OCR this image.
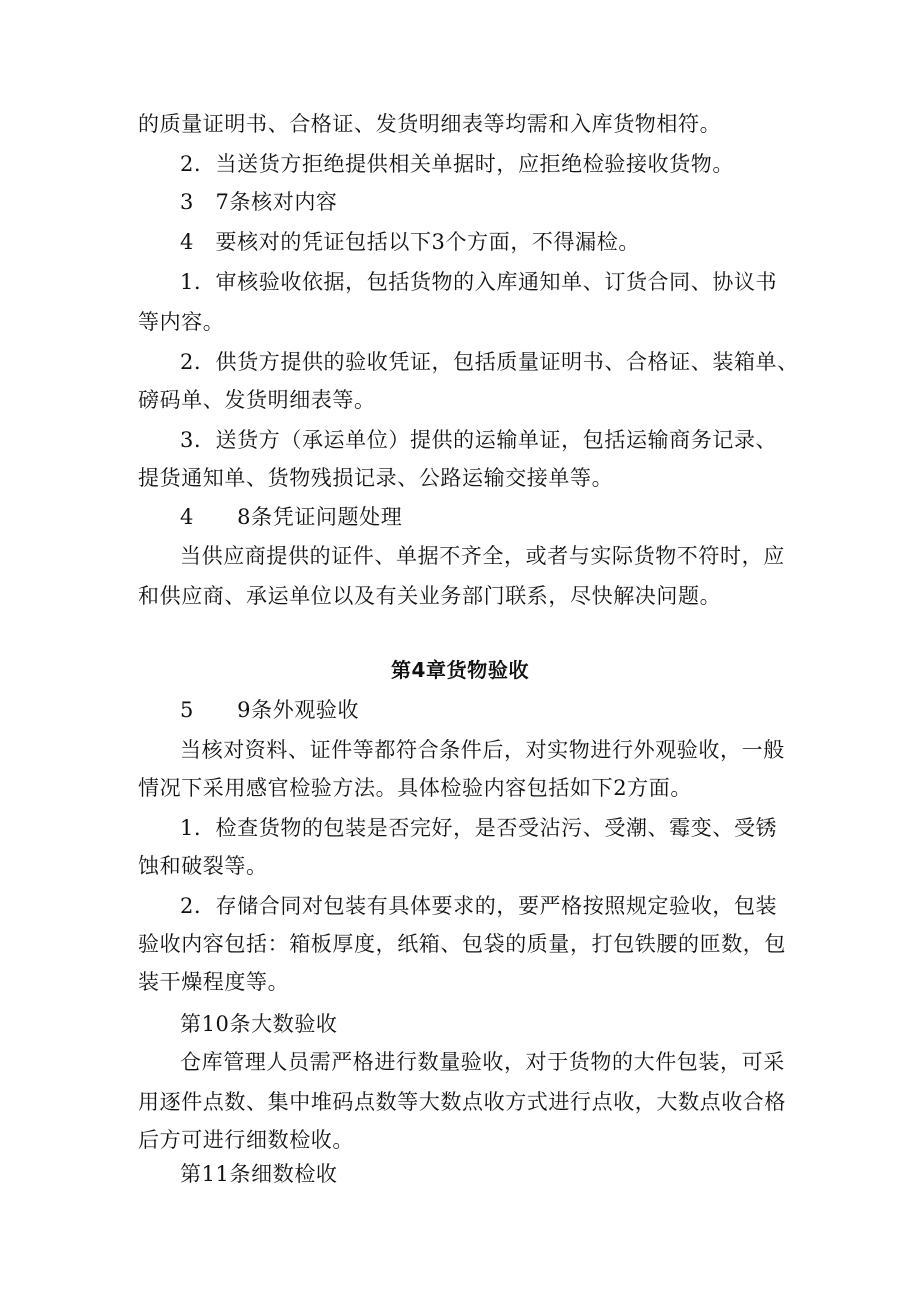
的质量证明书、合格证、发货明细表等均需和入库货物相符。
2．当送货方拒绝提供相关单据时，应拒绝检验接收货物。
3　7条核对内容
4　要核对的凭证包括以下3个方面，不得漏检。
1．审核验收依据，包括货物的入库通知单、订货合同、协议书
等内容。
2．供货方提供的验收凭证，包括质量证明书、合格证、装箱单、
磅码单、发货明细表等。
3．送货方（承运单位）提供的运输单证，包括运输商务记录、
提货通知单、货物残损记录、公路运输交接单等。
4　　8条凭证问题处理
当供应商提供的证件、单据不齐全，或者与实际货物不符时，应
和供应商、承运单位以及有关业务部门联系，尽快解决问题。
第4章货物验收
5　　9条外观验收
当核对资料、证件等都符合条件后，对实物进行外观验收，一般
情况下采用感官检验方法。具体检验内容包括如下2方面。
1．检查货物的包装是否完好，是否受沾污、受潮、霉变、受锈
蚀和破裂等。
2．存储合同对包装有具体要求的，要严格按照规定验收，包装
验收内容包括：箱板厚度，纸箱、包袋的质量，打包铁腰的匝数，包
装干燥程度等。
第10条大数验收
仓库管理人员需严格进行数量验收，对于货物的大件包装，可采
用逐件点数、集中堆码点数等大数点收方式进行点收，大数点收合格
后方可进行细数检收。
第11条细数检收
